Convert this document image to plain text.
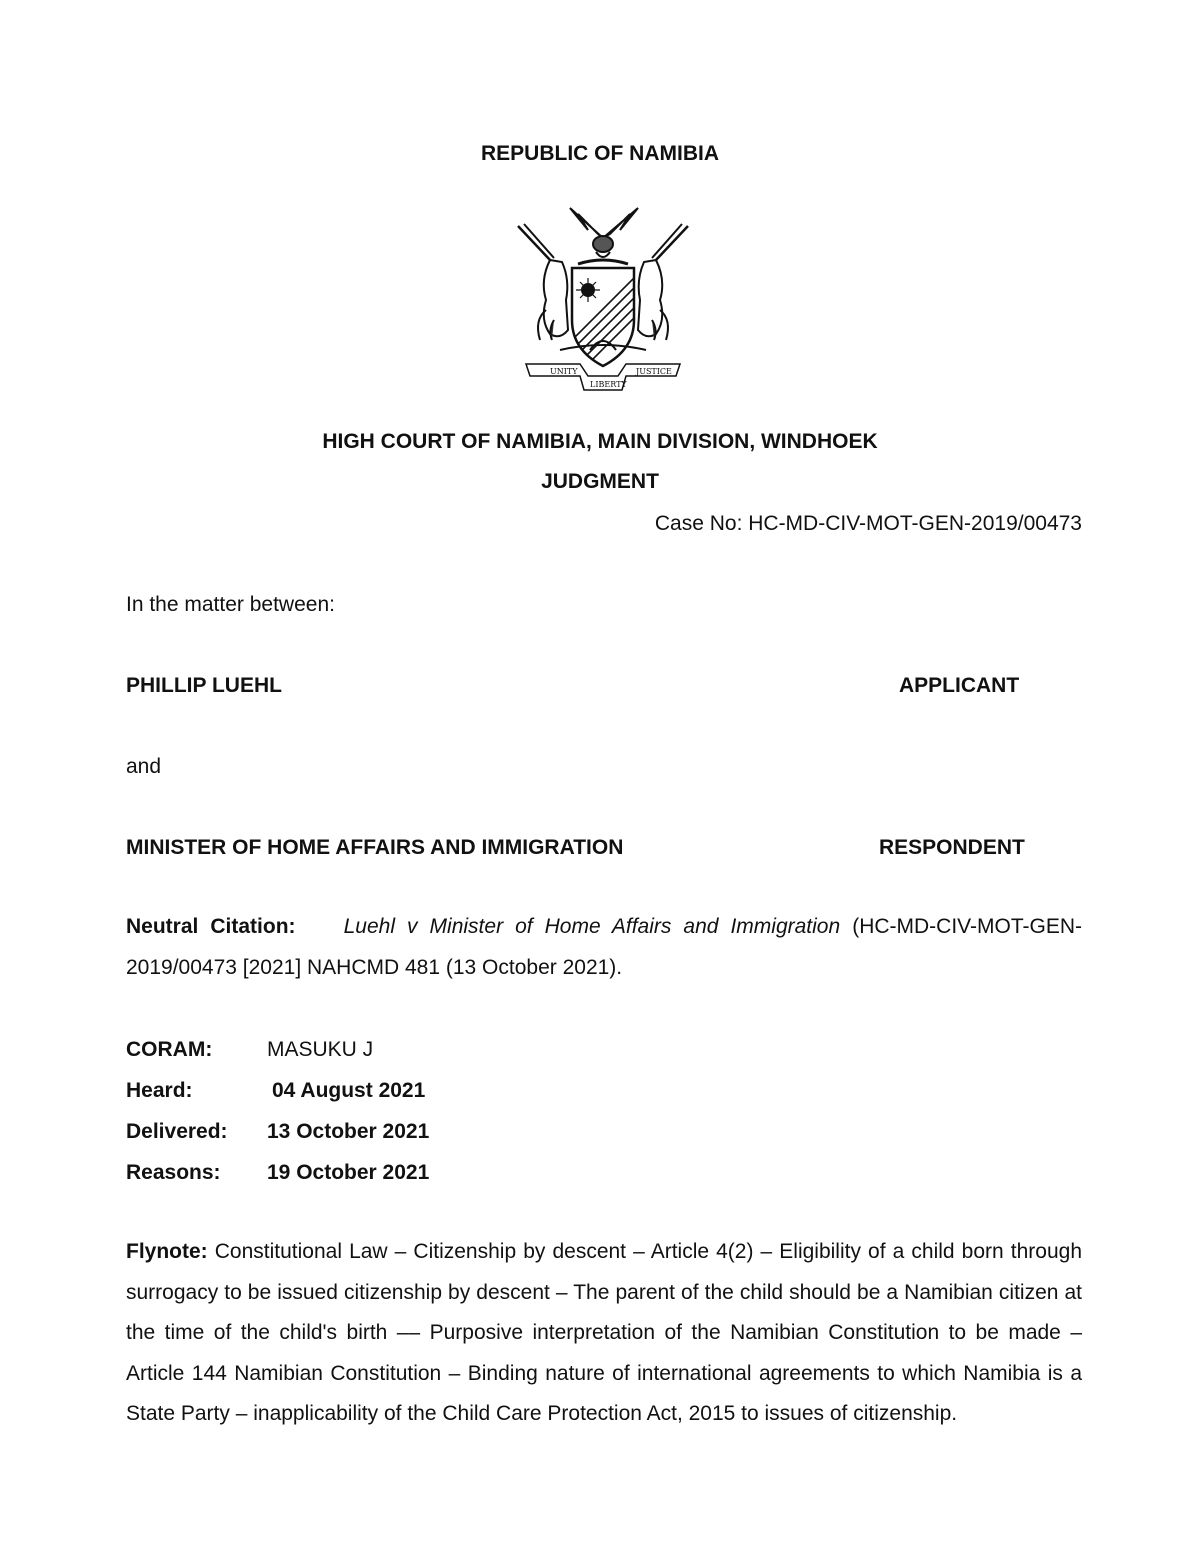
REPUBLIC OF NAMIBIA
UNITY
LIBERTY
JUSTICE
HIGH COURT OF NAMIBIA, MAIN DIVISION, WINDHOEK
JUDGMENT
Case No: HC-MD-CIV-MOT-GEN-2019/00473
In the matter between:
PHILLIP LUEHL	APPLICANT
and
MINISTER OF HOME AFFAIRS AND IMMIGRATION	RESPONDENT
Neutral Citation: Luehl v Minister of Home Affairs and Immigration (HC-MD-CIV-MOT-GEN-2019/00473 [2021] NAHCMD 481 (13 October 2021).
CORAM:	MASUKU J
Heard:	04 August 2021
Delivered: 13 October 2021
Reasons: 19 October 2021
Flynote: Constitutional Law – Citizenship by descent – Article 4(2) – Eligibility of a child born through surrogacy to be issued citizenship by descent – The parent of the child should be a Namibian citizen at the time of the child's birth –– Purposive interpretation of the Namibian Constitution to be made – Article 144 Namibian Constitution – Binding nature of international agreements to which Namibia is a State Party – inapplicability of the Child Care Protection Act, 2015 to issues of citizenship.
